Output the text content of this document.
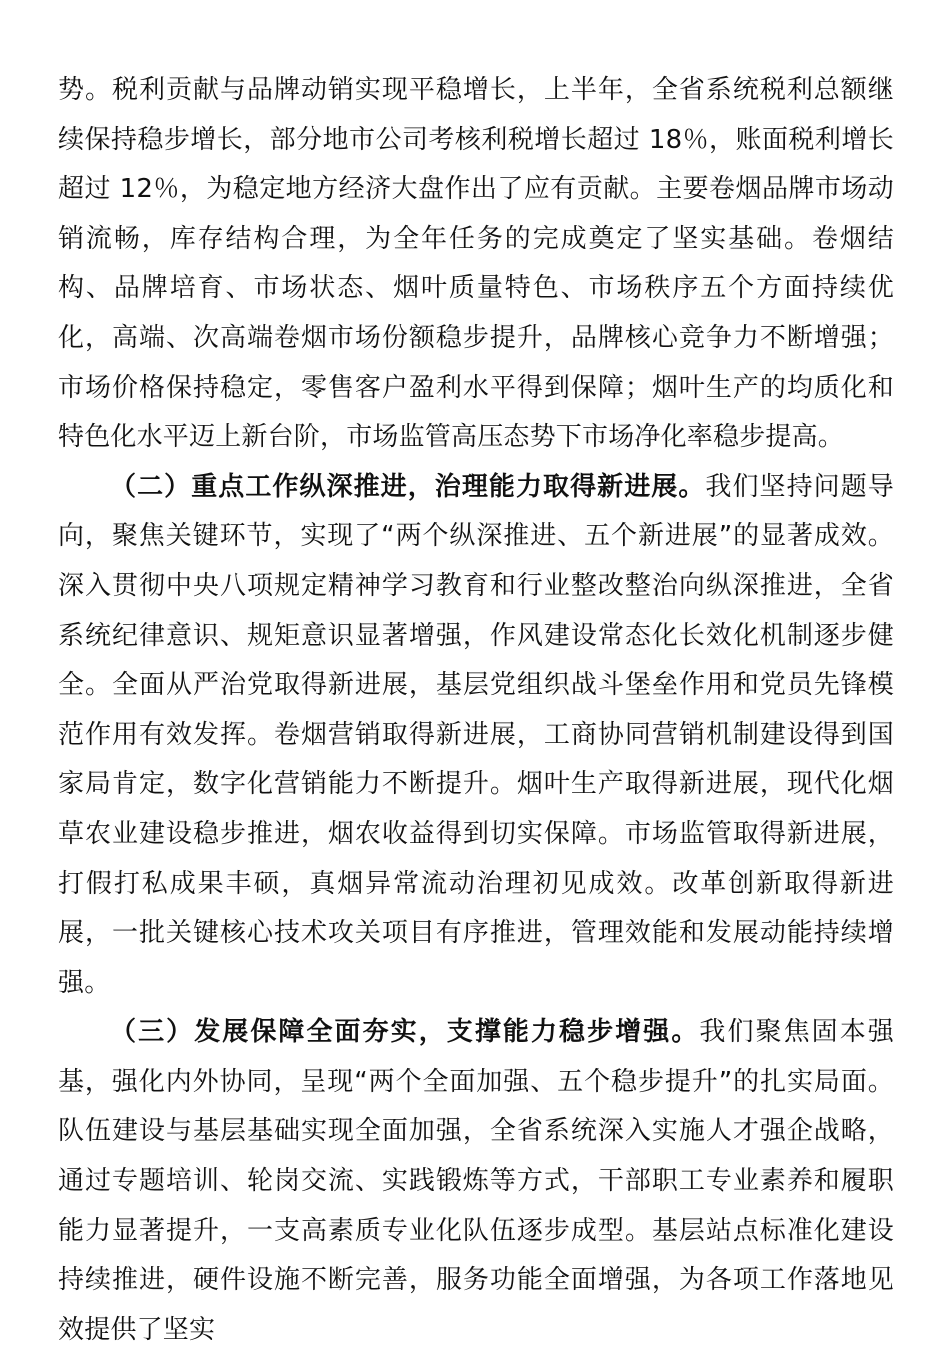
势。税利贡献与品牌动销实现平稳增长，上半年，全省系统税利总额继续保持稳步增长，部分地市公司考核利税增长超过 18％，账面税利增长超过 12％，为稳定地方经济大盘作出了应有贡献。主要卷烟品牌市场动销流畅，库存结构合理，为全年任务的完成奠定了坚实基础。卷烟结构、品牌培育、市场状态、烟叶质量特色、市场秩序五个方面持续优化，高端、次高端卷烟市场份额稳步提升，品牌核心竞争力不断增强；市场价格保持稳定，零售客户盈利水平得到保障；烟叶生产的均质化和特色化水平迈上新台阶，市场监管高压态势下市场净化率稳步提高。

（二）重点工作纵深推进，治理能力取得新进展。我们坚持问题导向，聚焦关键环节，实现了“两个纵深推进、五个新进展”的显著成效。深入贯彻中央八项规定精神学习教育和行业整改整治向纵深推进，全省系统纪律意识、规矩意识显著增强，作风建设常态化长效化机制逐步健全。全面从严治党取得新进展，基层党组织战斗堡垒作用和党员先锋模范作用有效发挥。卷烟营销取得新进展，工商协同营销机制建设得到国家局肯定，数字化营销能力不断提升。烟叶生产取得新进展，现代化烟草农业建设稳步推进，烟农收益得到切实保障。市场监管取得新进展，打假打私成果丰硕，真烟异常流动治理初见成效。改革创新取得新进展，一批关键核心技术攻关项目有序推进，管理效能和发展动能持续增强。

（三）发展保障全面夯实，支撑能力稳步增强。我们聚焦固本强基，强化内外协同，呈现“两个全面加强、五个稳步提升”的扎实局面。队伍建设与基层基础实现全面加强，全省系统深入实施人才强企战略，通过专题培训、轮岗交流、实践锻炼等方式，干部职工专业素养和履职能力显著提升，一支高素质专业化队伍逐步成型。基层站点标准化建设持续推进，硬件设施不断完善，服务功能全面增强，为各项工作落地见效提供了坚实
